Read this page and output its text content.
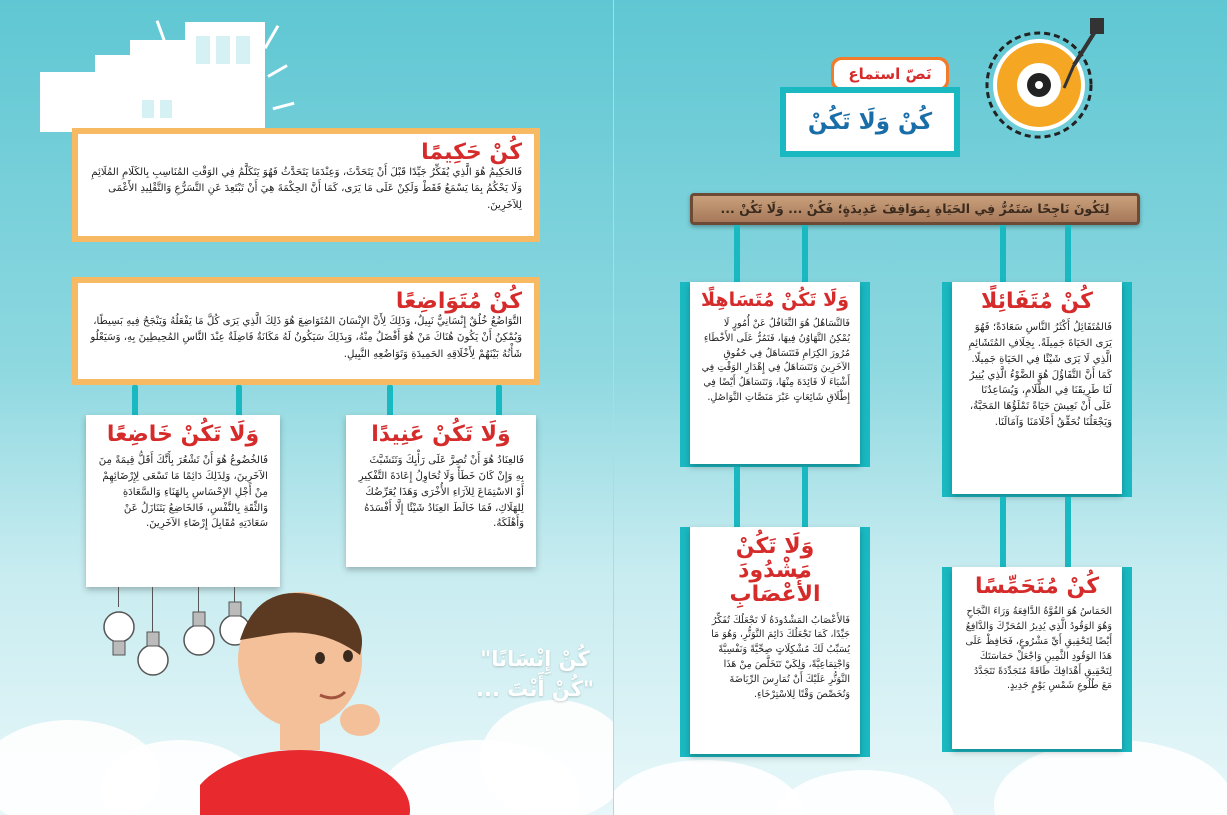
كُنْ حَكِيمًا

فَالحَكِيمُ هُوَ الَّذِي يُفَكِّرُ جَيِّدًا قَبْلَ أَنْ يَتَحَدَّثَ، وَعِنْدَمَا يَتَحَدَّثُ فَهُوَ يَتَكَلَّمُ فِي الوَقْتِ المُنَاسِبِ بِالكَلَامِ المُلَائِمِ وَلَا يَحْكُمُ بِمَا يَسْمَعُ فَقَطْ وَلَكِنْ عَلَى مَا يَرَى، كَمَا أَنَّ الحِكْمَةَ هِيَ أَنْ تَبْتَعِدَ عَنِ التَّسَرُّعِ وَالتَّقْلِيدِ الأَعْمَى لِلآخَرِينَ.

كُنْ مُتَوَاضِعًا

التَّوَاضُعُ خُلُقٌ إِنْسَانِيٌّ نَبِيلٌ، وَذَلِكَ لِأَنَّ الإِنْسَانَ المُتَوَاضِعَ هُوَ ذَلِكَ الَّذِي يَرَى كُلَّ مَا يَفْعَلُهُ وَيَنْجَحُ فِيهِ بَسِيطًا، وَيُمْكِنُ أَنْ يَكُونَ هُنَاكَ مَنْ هُوَ أَفْضَلُ مِنْهُ، وَبِذَلِكَ سَيَكُونُ لَهُ مَكَانَةٌ فَاضِلَةٌ عِنْدَ النَّاسِ المُحِيطِينَ بِهِ، وَسَيَعْلُو شَأْنُهُ بَيْنَهُمْ لِأَخْلَاقِهِ الحَمِيدَةِ وَتَوَاضُعِهِ النَّبِيلِ.

وَلَا تَكُنْ عَنِيدًا

فَالعِنَادُ هُوَ أَنْ تُصِرَّ عَلَى رَأْيِكَ وَتَتَشَبَّثَ بِهِ وَإِنْ كَانَ خَطَأً وَلَا تُحَاوِلُ إِعَادَةَ التَّفْكِيرِ أَوْ الاسْتِمَاعَ لِلآرَاءِ الأُخْرَى وَهَذَا يُعَرِّضُكَ لِلهَلَاكِ، فَمَا خَالَطَ العِنَادُ شَيْئًا إِلَّا أَفْسَدَهُ وَأَهْلَكَهُ.

وَلَا تَكُنْ خَاضِعًا

فَالخُضُوعُ هُوَ أَنْ تَشْعُرَ بِأَنَّكَ أَقَلُّ قِيمَةً مِنَ الآخَرِينَ، وَلِذَلِكَ دَائِمًا مَا تَسْعَى لِإِرْضَائِهِمْ مِنْ أَجْلِ الإِحْسَاسِ بِالهَنَاءِ وَالسَّعَادَةِ وَالثِّقَةِ بِالنَّفْسِ، فَالخَاضِعُ يَتَنَازَلُ عَنْ سَعَادَتِهِ مُقَابِلَ إِرْضَاءِ الآخَرِينَ.

كُنْ إِنْسَانًا"
"كُنْ أَنْتَ ...
نَصّ استماع
كُنْ وَلَا تَكُنْ
لِتَكُونَ نَاجِحًا سَتَمُرُّ فِي الحَيَاةِ بِمَوَاقِفَ عَدِيدَةٍ؛ فَكُنْ ... وَلَا تَكُنْ ...
كُنْ مُتَفَائِلًا

فَالمُتَفَائِلُ أَكْثَرُ النَّاسِ سَعَادَةً؛ فَهُوَ يَرَى الحَيَاةَ جَمِيلَةً. بِخِلَافِ المُتَشَائِمِ الَّذِي لَا يَرَى شَيْئًا فِي الحَيَاةِ جَمِيلًا. كَمَا أَنَّ التَّفَاؤُلَ هُوَ الضَّوْءُ الَّذِي يُنِيرُ لَنَا طَرِيقَنَا فِي الظَّلَامِ، وَيُسَاعِدُنَا عَلَى أَنْ نَعِيشَ حَيَاةً تَمْلَؤُهَا المَحَبَّةُ، وَيَجْعَلُنَا نُحَقِّقُ أَحْلَامَنَا وَآمَالَنَا.

وَلَا تَكُنْ مُتَسَاهِلًا

فَالتَّسَاهُلُ هُوَ التَّغَافُلُ عَنْ أُمُورٍ لَا يُمْكِنُ التَّهَاوُنُ فِيهَا، فَتَمُرُّ عَلَى الأَخْطَاءِ مُرُورَ الكِرَامِ فَتَتَسَاهَلُ فِي حُقُوقِ الآخَرِينَ وَتَتَسَاهَلُ فِي إِهْدَارِ الوَقْتِ فِي أَشْيَاءَ لَا فَائِدَةَ مِنْهَا، وَتَتَسَاهَلُ أَيْضًا فِي إِطْلَاقِ شَائِعَاتٍ عَبْرَ مَنَصَّاتِ التَّوَاصُلِ.

كُنْ مُتَحَمِّسًا

الحَمَاسُ هُوَ القُوَّةُ الدَّافِعَةُ وَرَاءَ النَّجَاحِ وَهُوَ الوَقُودُ الَّذِي يُدِيرُ المُحَرِّكَ وَالدَّافِعُ أَيْضًا لِتَحْقِيقِ أَيِّ مَشْرُوعٍ، فَحَافِظْ عَلَى هَذَا الوَقُودِ الثَّمِينِ وَاجْعَلْ حَمَاسَتَكَ لِتَحْقِيقِ أَهْدَافِكَ طَاقَةً مُتَجَدِّدَةً تَتَجَدَّدُ مَعَ طُلُوعِ شَمْسِ يَوْمٍ جَدِيدٍ.

وَلَا تَكُنْ
مَشْدُودَ الأَعْصَابِ

فَالأَعْصَابُ المَشْدُودَةُ لَا تَجْعَلُكَ تُفَكِّرُ جَيِّدًا، كَمَا تَجْعَلُكَ دَائِمَ التَّوَتُّرِ، وَهُوَ مَا يُسَبِّبُ لَكَ مُشْكِلَاتٍ صِحِّيَّةً وَنَفْسِيَّةً وَاجْتِمَاعِيَّةً، وَلِكَيْ تَتَخَلَّصَ مِنْ هَذَا التَّوَتُّرِ عَلَيْكَ أَنْ تُمَارِسَ الرِّيَاضَةَ وَتُخَصِّصَ وَقْتًا لِلاسْتِرْخَاءِ.
